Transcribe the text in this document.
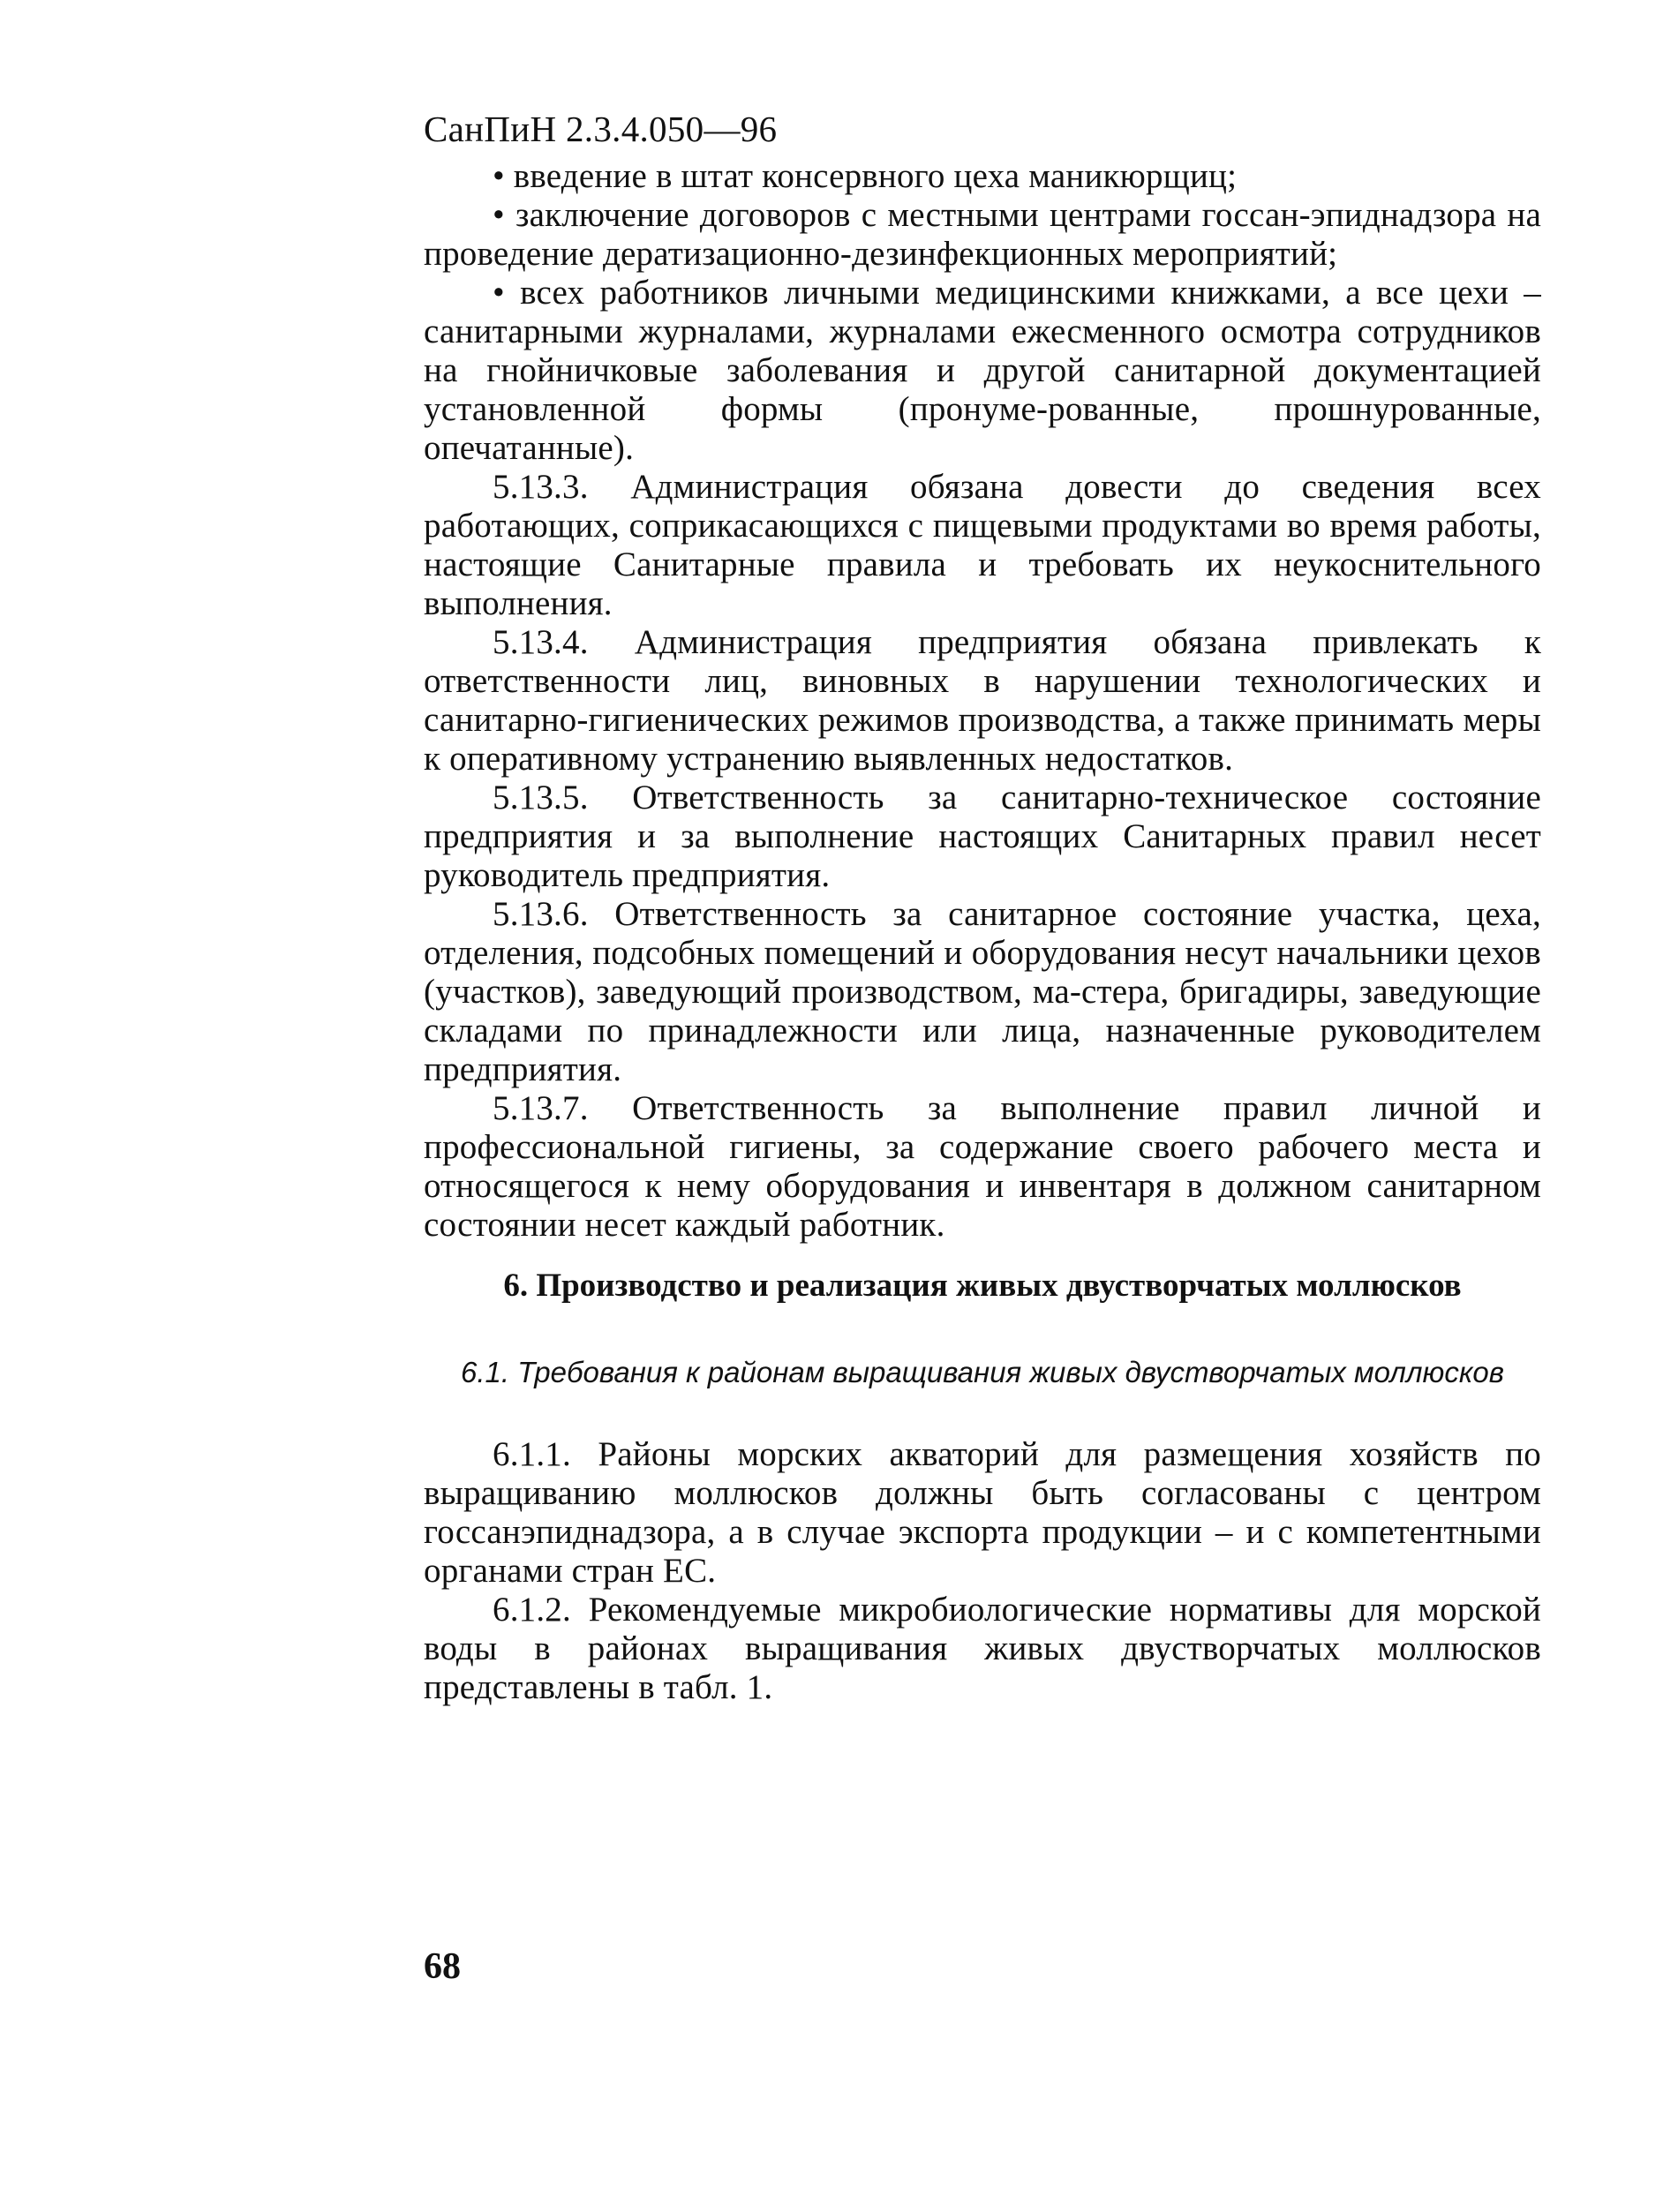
СанПиН 2.3.4.050—96

• введение в штат консервного цеха маникюрщиц;

• заключение договоров с местными центрами госсан-эпиднадзора на проведение дератизационно-дезинфекционных мероприятий;

• всех работников личными медицинскими книжками, а все цехи – санитарными журналами, журналами ежесменного осмотра сотрудников на гнойничковые заболевания и другой санитарной документацией установленной формы (пронуме-рованные, прошнурованные, опечатанные).

5.13.3. Администрация обязана довести до сведения всех работающих, соприкасающихся с пищевыми продуктами во время работы, настоящие Санитарные правила и требовать их неукоснительного выполнения.

5.13.4. Администрация предприятия обязана привлекать к ответственности лиц, виновных в нарушении технологических и санитарно-гигиенических режимов производства, а также принимать меры к оперативному устранению выявленных недостатков.

5.13.5. Ответственность за санитарно-техническое состояние предприятия и за выполнение настоящих Санитарных правил несет руководитель предприятия.

5.13.6. Ответственность за санитарное состояние участка, цеха, отделения, подсобных помещений и оборудования несут начальники цехов (участков), заведующий производством, ма-стера, бригадиры, заведующие складами по принадлежности или лица, назначенные руководителем предприятия.

5.13.7. Ответственность за выполнение правил личной и профессиональной гигиены, за содержание своего рабочего места и относящегося к нему оборудования и инвентаря в должном санитарном состоянии несет каждый работник.

6. Производство и реализация живых двустворчатых моллюсков
6.1. Требования к районам выращивания живых двустворчатых моллюсков

6.1.1. Районы морских акваторий для размещения хозяйств по выращиванию моллюсков должны быть согласованы с центром госсанэпиднадзора, а в случае экспорта продукции – и с компетентными органами стран ЕС.

6.1.2. Рекомендуемые микробиологические нормативы для морской воды в районах выращивания живых двустворчатых моллюсков представлены в табл. 1.

68
